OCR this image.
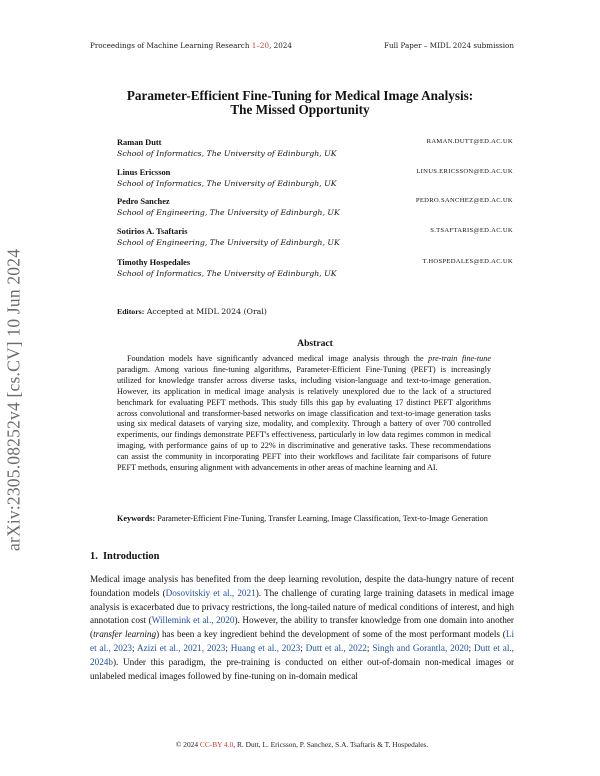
Proceedings of Machine Learning Research 1–20, 2024	Full Paper – MIDL 2024 submission
arXiv:2305.08252v4 [cs.CV] 10 Jun 2024
Parameter-Efficient Fine-Tuning for Medical Image Analysis:
The Missed Opportunity
Raman Dutt
School of Informatics, The University of Edinburgh, UK
RAMAN.DUTT@ED.AC.UK
Linus Ericsson
School of Informatics, The University of Edinburgh, UK
LINUS.ERICSSON@ED.AC.UK
Pedro Sanchez
School of Engineering, The University of Edinburgh, UK
PEDRO.SANCHEZ@ED.AC.UK
Sotirios A. Tsaftaris
School of Engineering, The University of Edinburgh, UK
S.TSAFTARIS@ED.AC.UK
Timothy Hospedales
School of Informatics, The University of Edinburgh, UK
T.HOSPEDALES@ED.AC.UK
Editors: Accepted at MIDL 2024 (Oral)
Abstract
Foundation models have significantly advanced medical image analysis through the pre-train fine-tune paradigm. Among various fine-tuning algorithms, Parameter-Efficient Fine-Tuning (PEFT) is increasingly utilized for knowledge transfer across diverse tasks, including vision-language and text-to-image generation. However, its application in medical image analysis is relatively unexplored due to the lack of a structured benchmark for evaluating PEFT methods. This study fills this gap by evaluating 17 distinct PEFT algorithms across convolutional and transformer-based networks on image classification and text-to-image generation tasks using six medical datasets of varying size, modality, and complexity. Through a battery of over 700 controlled experiments, our findings demonstrate PEFT's effectiveness, particularly in low data regimes common in medical imaging, with performance gains of up to 22% in discriminative and generative tasks. These recommendations can assist the community in incorporating PEFT into their workflows and facilitate fair comparisons of future PEFT methods, ensuring alignment with advancements in other areas of machine learning and AI.
Keywords: Parameter-Efficient Fine-Tuning, Transfer Learning, Image Classification, Text-to-Image Generation
1. Introduction
Medical image analysis has benefited from the deep learning revolution, despite the data-hungry nature of recent foundation models (Dosovitskiy et al., 2021). The challenge of curating large training datasets in medical image analysis is exacerbated due to privacy restrictions, the long-tailed nature of medical conditions of interest, and high annotation cost (Willemink et al., 2020). However, the ability to transfer knowledge from one domain into another (transfer learning) has been a key ingredient behind the development of some of the most performant models (Li et al., 2023; Azizi et al., 2021, 2023; Huang et al., 2023; Dutt et al., 2022; Singh and Gorantla, 2020; Dutt et al., 2024b). Under this paradigm, the pre-training is conducted on either out-of-domain non-medical images or unlabeled medical images followed by fine-tuning on in-domain medical
© 2024 CC-BY 4.0, R. Dutt, L. Ericsson, P. Sanchez, S.A. Tsaftaris & T. Hospedales.
